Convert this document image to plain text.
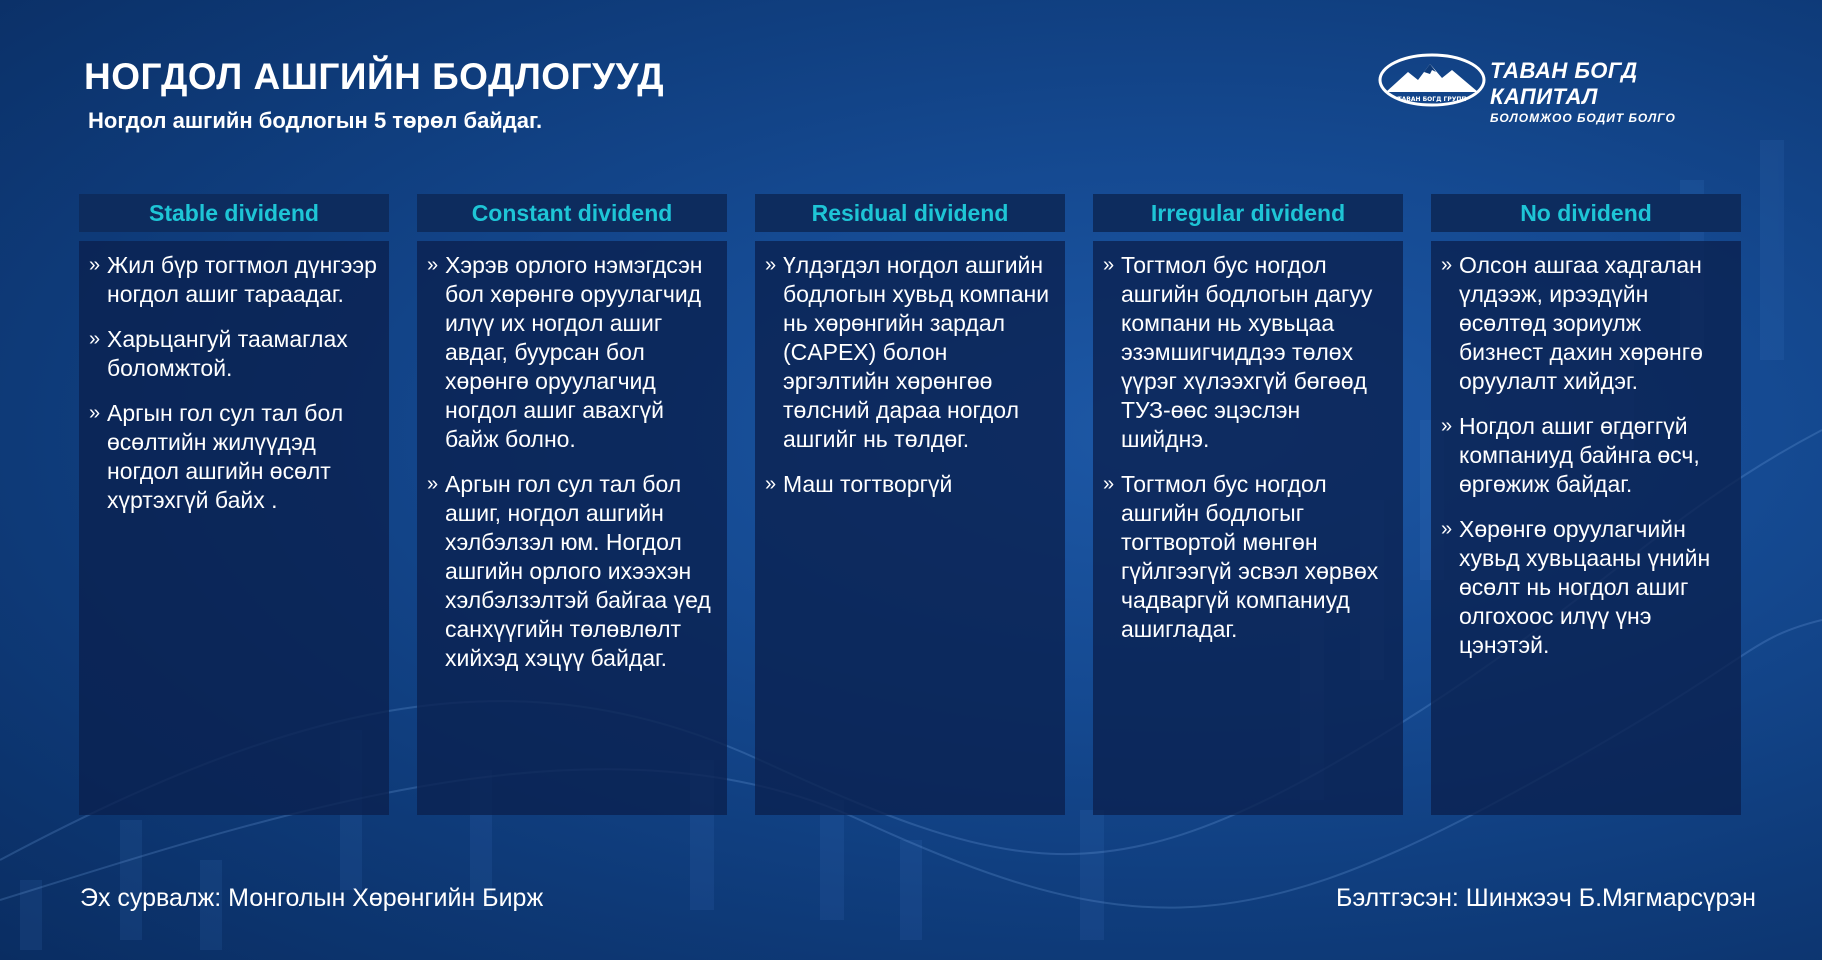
НОГДОЛ АШГИЙН БОДЛОГУУД
Ногдол ашгийн бодлогын 5 төрөл байдаг.
ТАВАН БОГД ГРУПП
ТАВАН БОГД КАПИТАЛ
БОЛОМЖОО БОДИТ БОЛГО
Stable dividend
» Жил бүр тогтмол дүнгээр ногдол ашиг тараадаг.
» Харьцангуй таамаглах боломжтой.
» Аргын гол сул тал бол өсөлтийн жилүүдэд ногдол ашгийн өсөлт хүртэхгүй байх .
Constant dividend
» Хэрэв орлого нэмэгдсэн бол хөрөнгө оруулагчид илүү их ногдол ашиг авдаг, буурсан бол хөрөнгө оруулагчид ногдол ашиг авахгүй байж болно.
» Аргын гол сул тал бол ашиг, ногдол ашгийн хэлбэлзэл юм. Ногдол ашгийн орлого ихээхэн хэлбэлзэлтэй байгаа үед санхүүгийн төлөвлөлт хийхэд хэцүү байдаг.
Residual dividend
» Үлдэгдэл ногдол ашгийн бодлогын хувьд компани нь хөрөнгийн зардал (CAPEX) болон эргэлтийн хөрөнгөө төлсний дараа ногдол ашгийг нь төлдөг.
» Маш тогтворгүй
Irregular dividend
» Тогтмол бус ногдол ашгийн бодлогын дагуу компани нь хувьцаа эзэмшигчиддээ төлөх үүрэг хүлээхгүй бөгөөд ТУЗ-өөс эцэслэн шийднэ.
» Тогтмол бус ногдол ашгийн бодлогыг тогтвортой мөнгөн гүйлгээгүй эсвэл хөрвөх чадваргүй компаниуд ашигладаг.
No dividend
» Олсон ашгаа хадгалан үлдээж, ирээдүйн өсөлтөд зориулж бизнест дахин хөрөнгө оруулалт хийдэг.
» Ногдол ашиг өгдөггүй компаниуд байнга өсч, өргөжиж байдаг.
» Хөрөнгө оруулагчийн хувьд хувьцааны үнийн өсөлт нь ногдол ашиг олгохоос илүү үнэ цэнэтэй.
Эх сурвалж: Монголын Хөрөнгийн Бирж	Бэлтгэсэн: Шинжээч Б.Мягмарсүрэн
